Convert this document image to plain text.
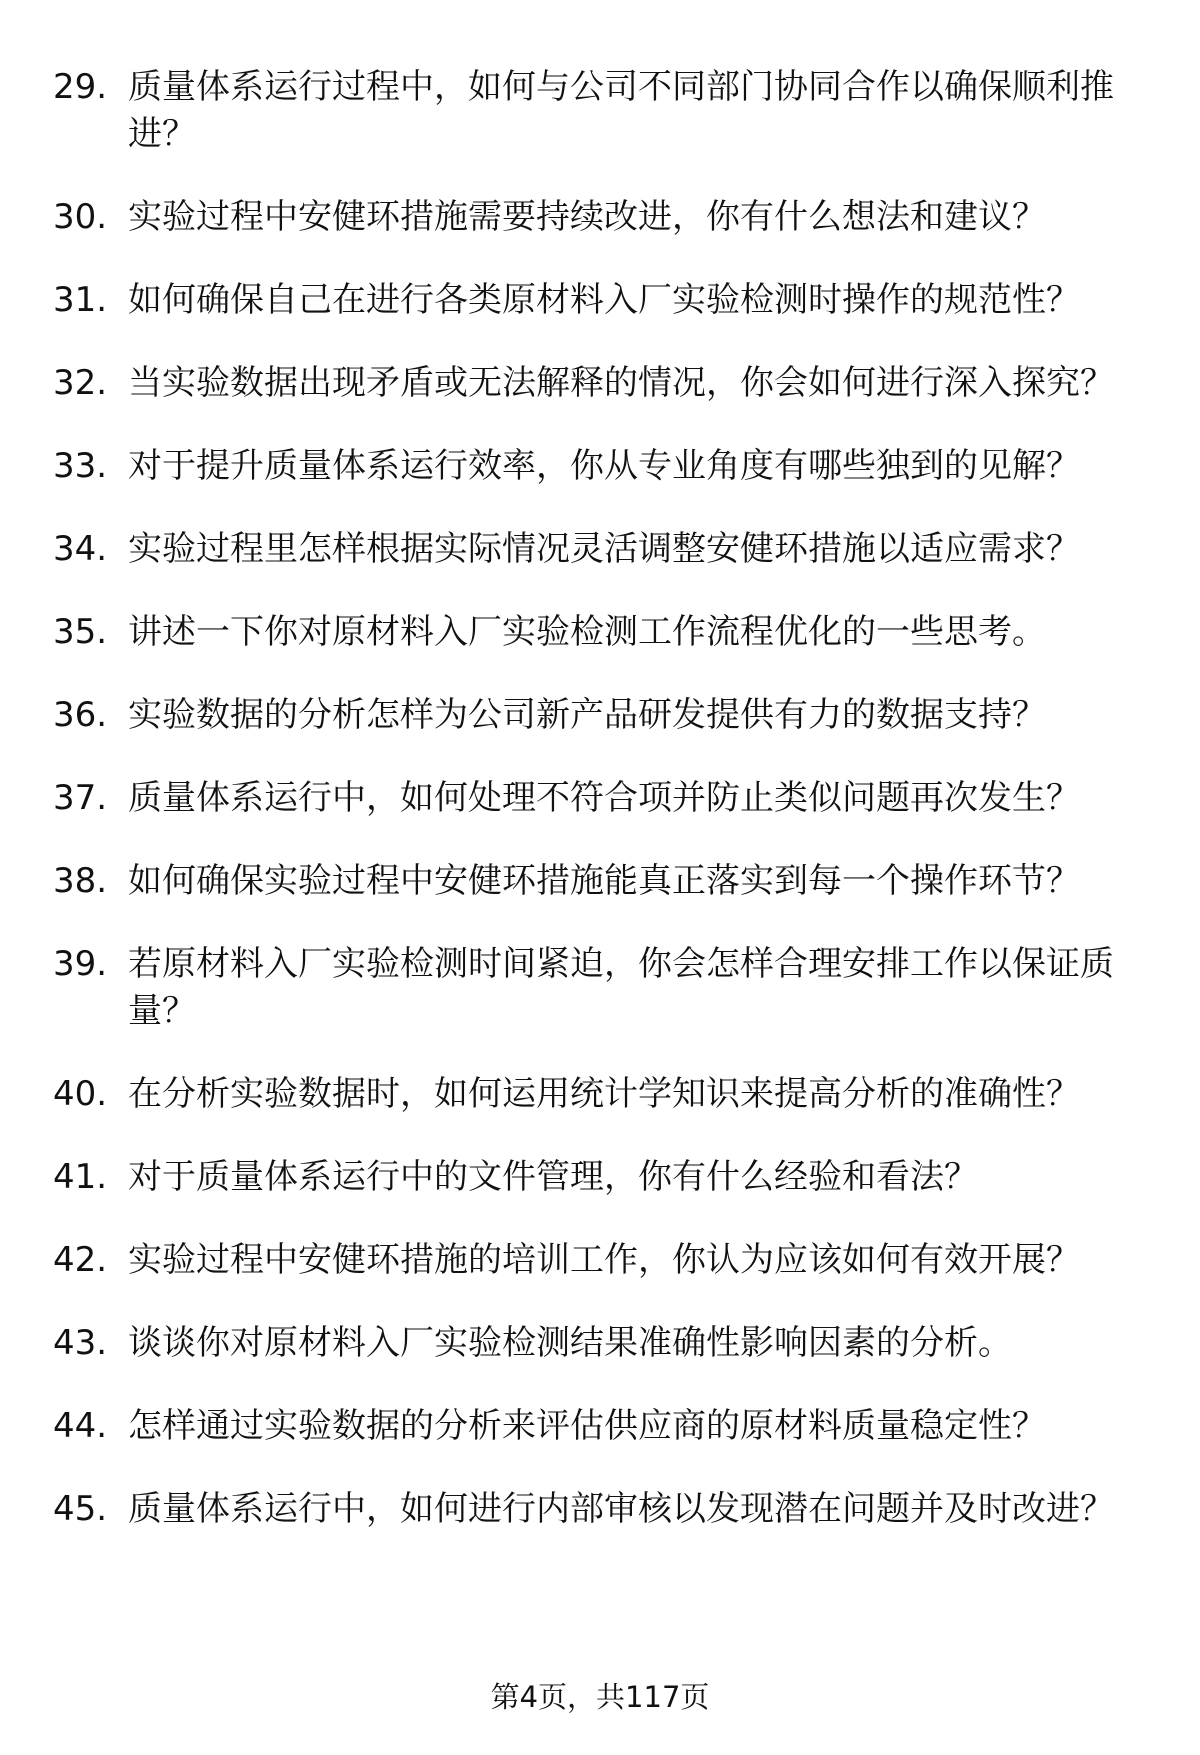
29. 质量体系运行过程中，如何与公司不同部门协同合作以确保顺利推进？
30. 实验过程中安健环措施需要持续改进，你有什么想法和建议？
31. 如何确保自己在进行各类原材料入厂实验检测时操作的规范性？
32. 当实验数据出现矛盾或无法解释的情况，你会如何进行深入探究？
33. 对于提升质量体系运行效率，你从专业角度有哪些独到的见解？
34. 实验过程里怎样根据实际情况灵活调整安健环措施以适应需求？
35. 讲述一下你对原材料入厂实验检测工作流程优化的一些思考。
36. 实验数据的分析怎样为公司新产品研发提供有力的数据支持？
37. 质量体系运行中，如何处理不符合项并防止类似问题再次发生？
38. 如何确保实验过程中安健环措施能真正落实到每一个操作环节？
39. 若原材料入厂实验检测时间紧迫，你会怎样合理安排工作以保证质量？
40. 在分析实验数据时，如何运用统计学知识来提高分析的准确性？
41. 对于质量体系运行中的文件管理，你有什么经验和看法？
42. 实验过程中安健环措施的培训工作，你认为应该如何有效开展？
43. 谈谈你对原材料入厂实验检测结果准确性影响因素的分析。
44. 怎样通过实验数据的分析来评估供应商的原材料质量稳定性？
45. 质量体系运行中，如何进行内部审核以发现潜在问题并及时改进？
第4页，共117页
